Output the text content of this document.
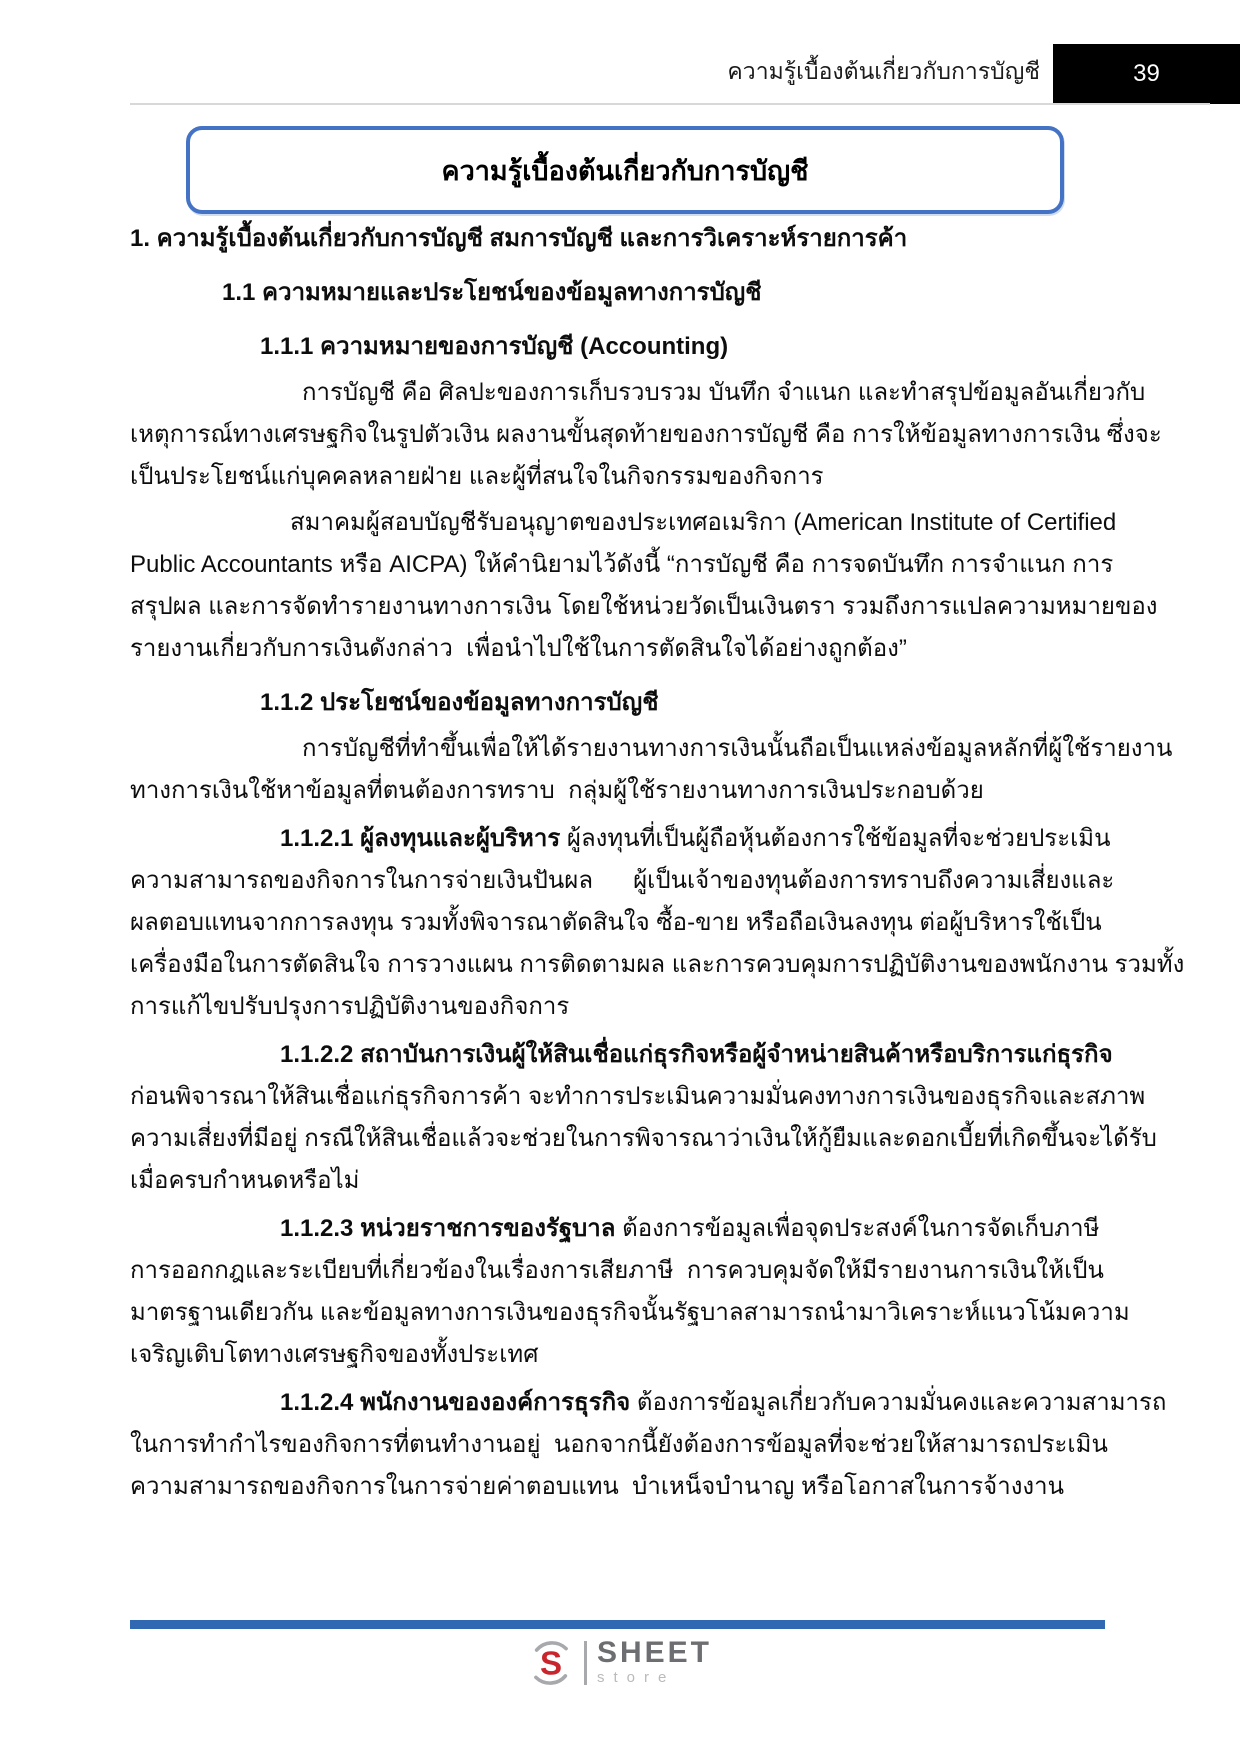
ความรู้เบื้องต้นเกี่ยวกับการบัญชี	39
ความรู้เบื้องต้นเกี่ยวกับการบัญชี
1. ความรู้เบื้องต้นเกี่ยวกับการบัญชี สมการบัญชี และการวิเคราะห์รายการค้า
1.1 ความหมายและประโยชน์ของข้อมูลทางการบัญชี
1.1.1 ความหมายของการบัญชี (Accounting)
การบัญชี คือ ศิลปะของการเก็บรวบรวม บันทึก จำแนก และทำสรุปข้อมูลอันเกี่ยวกับ
เหตุการณ์ทางเศรษฐกิจในรูปตัวเงิน ผลงานขั้นสุดท้ายของการบัญชี คือ การให้ข้อมูลทางการเงิน ซึ่งจะ
เป็นประโยชน์แก่บุคคลหลายฝ่าย และผู้ที่สนใจในกิจกรรมของกิจการ
สมาคมผู้สอบบัญชีรับอนุญาตของประเทศอเมริกา (American Institute of Certified
Public Accountants หรือ AICPA) ให้คำนิยามไว้ดังนี้ “การบัญชี คือ การจดบันทึก การจำแนก การ
สรุปผล และการจัดทำรายงานทางการเงิน โดยใช้หน่วยวัดเป็นเงินตรา รวมถึงการแปลความหมายของ
รายงานเกี่ยวกับการเงินดังกล่าว  เพื่อนำไปใช้ในการตัดสินใจได้อย่างถูกต้อง”
1.1.2 ประโยชน์ของข้อมูลทางการบัญชี
การบัญชีที่ทำขึ้นเพื่อให้ได้รายงานทางการเงินนั้นถือเป็นแหล่งข้อมูลหลักที่ผู้ใช้รายงาน
ทางการเงินใช้หาข้อมูลที่ตนต้องการทราบ  กลุ่มผู้ใช้รายงานทางการเงินประกอบด้วย
1.1.2.1 ผู้ลงทุนและผู้บริหาร ผู้ลงทุนที่เป็นผู้ถือหุ้นต้องการใช้ข้อมูลที่จะช่วยประเมิน
ความสามารถของกิจการในการจ่ายเงินปันผล      ผู้เป็นเจ้าของทุนต้องการทราบถึงความเสี่ยงและ
ผลตอบแทนจากการลงทุน รวมทั้งพิจารณาตัดสินใจ ซื้อ-ขาย หรือถือเงินลงทุน ต่อผู้บริหารใช้เป็น
เครื่องมือในการตัดสินใจ การวางแผน การติดตามผล และการควบคุมการปฏิบัติงานของพนักงาน รวมทั้ง
การแก้ไขปรับปรุงการปฏิบัติงานของกิจการ
1.1.2.2 สถาบันการเงินผู้ให้สินเชื่อแก่ธุรกิจหรือผู้จำหน่ายสินค้าหรือบริการแก่ธุรกิจ
ก่อนพิจารณาให้สินเชื่อแก่ธุรกิจการค้า จะทำการประเมินความมั่นคงทางการเงินของธุรกิจและสภาพ
ความเสี่ยงที่มีอยู่ กรณีให้สินเชื่อแล้วจะช่วยในการพิจารณาว่าเงินให้กู้ยืมและดอกเบี้ยที่เกิดขึ้นจะได้รับ
เมื่อครบกำหนดหรือไม่
1.1.2.3 หน่วยราชการของรัฐบาล ต้องการข้อมูลเพื่อจุดประสงค์ในการจัดเก็บภาษี
การออกกฎและระเบียบที่เกี่ยวข้องในเรื่องการเสียภาษี  การควบคุมจัดให้มีรายงานการเงินให้เป็น
มาตรฐานเดียวกัน และข้อมูลทางการเงินของธุรกิจนั้นรัฐบาลสามารถนำมาวิเคราะห์แนวโน้มความ
เจริญเติบโตทางเศรษฐกิจของทั้งประเทศ
1.1.2.4 พนักงานขององค์การธุรกิจ ต้องการข้อมูลเกี่ยวกับความมั่นคงและความสามารถ
ในการทำกำไรของกิจการที่ตนทำงานอยู่  นอกจากนี้ยังต้องการข้อมูลที่จะช่วยให้สามารถประเมิน
ความสามารถของกิจการในการจ่ายค่าตอบแทน  บำเหน็จบำนาญ หรือโอกาสในการจ้างงาน
S SHEET
store
